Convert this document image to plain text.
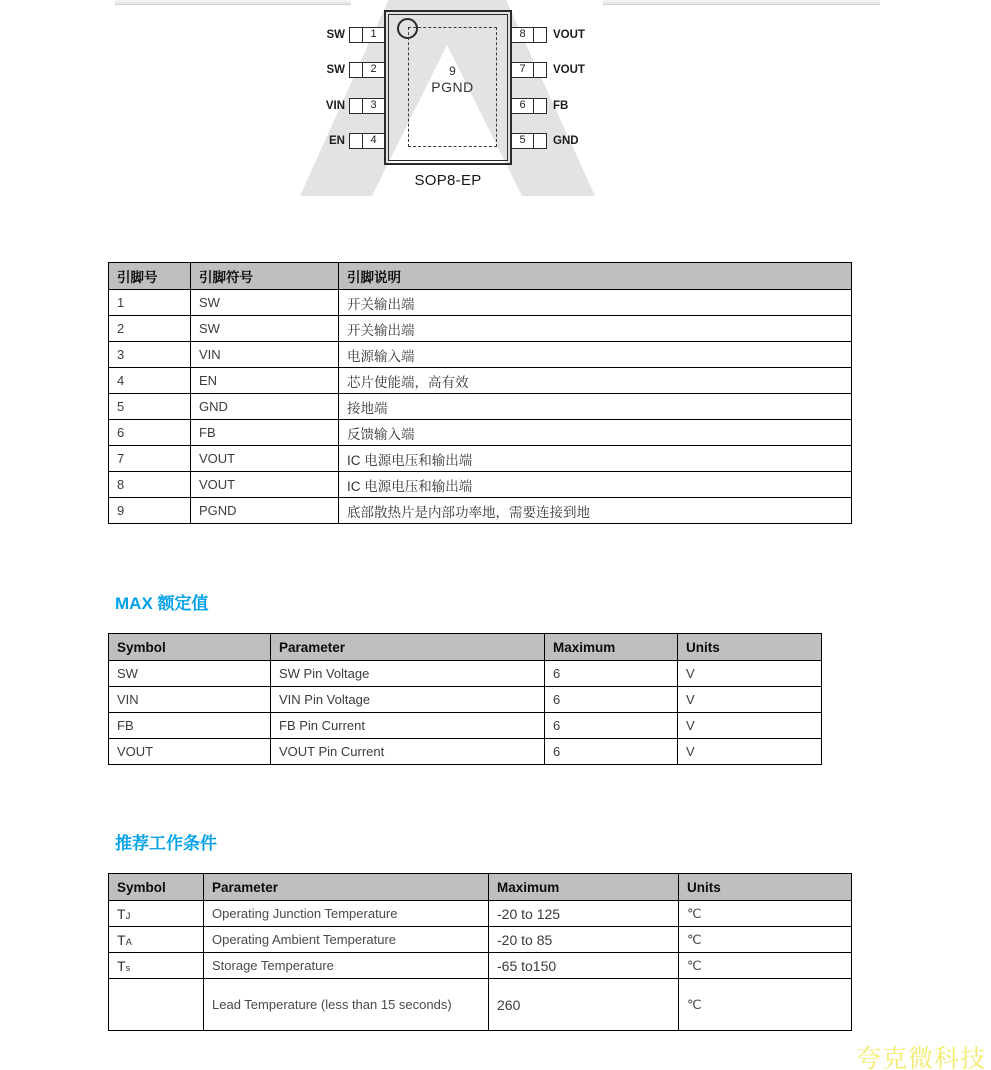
9
PGND
SW	1
SW	2
VIN	3
EN	4
8	VOUT
7	VOUT
6	FB
5	GND
SOP8-EP
引脚号	引脚符号	引脚说明
1	SW	开关输出端
2	SW	开关输出端
3	VIN	电源输入端
4	EN	芯片使能端，高有效
5	GND	接地端
6	FB	反馈输入端
7	VOUT	IC 电源电压和输出端
8	VOUT	IC 电源电压和输出端
9	PGND	底部散热片是内部功率地，需要连接到地
MAX 额定值
Symbol	Parameter	Maximum	Units
SW	SW Pin Voltage	6	V
VIN	VIN Pin Voltage	6	V
FB	FB Pin Current	6	V
VOUT	VOUT Pin Current	6	V
推荐工作条件
Symbol	Parameter	Maximum	Units
TJ	Operating Junction Temperature	-20 to 125	℃
TA	Operating Ambient Temperature	-20 to 85	℃
Ts	Storage Temperature	-65 to150	℃
	Lead Temperature (less than 15 seconds)	260	℃
夸克微科技
